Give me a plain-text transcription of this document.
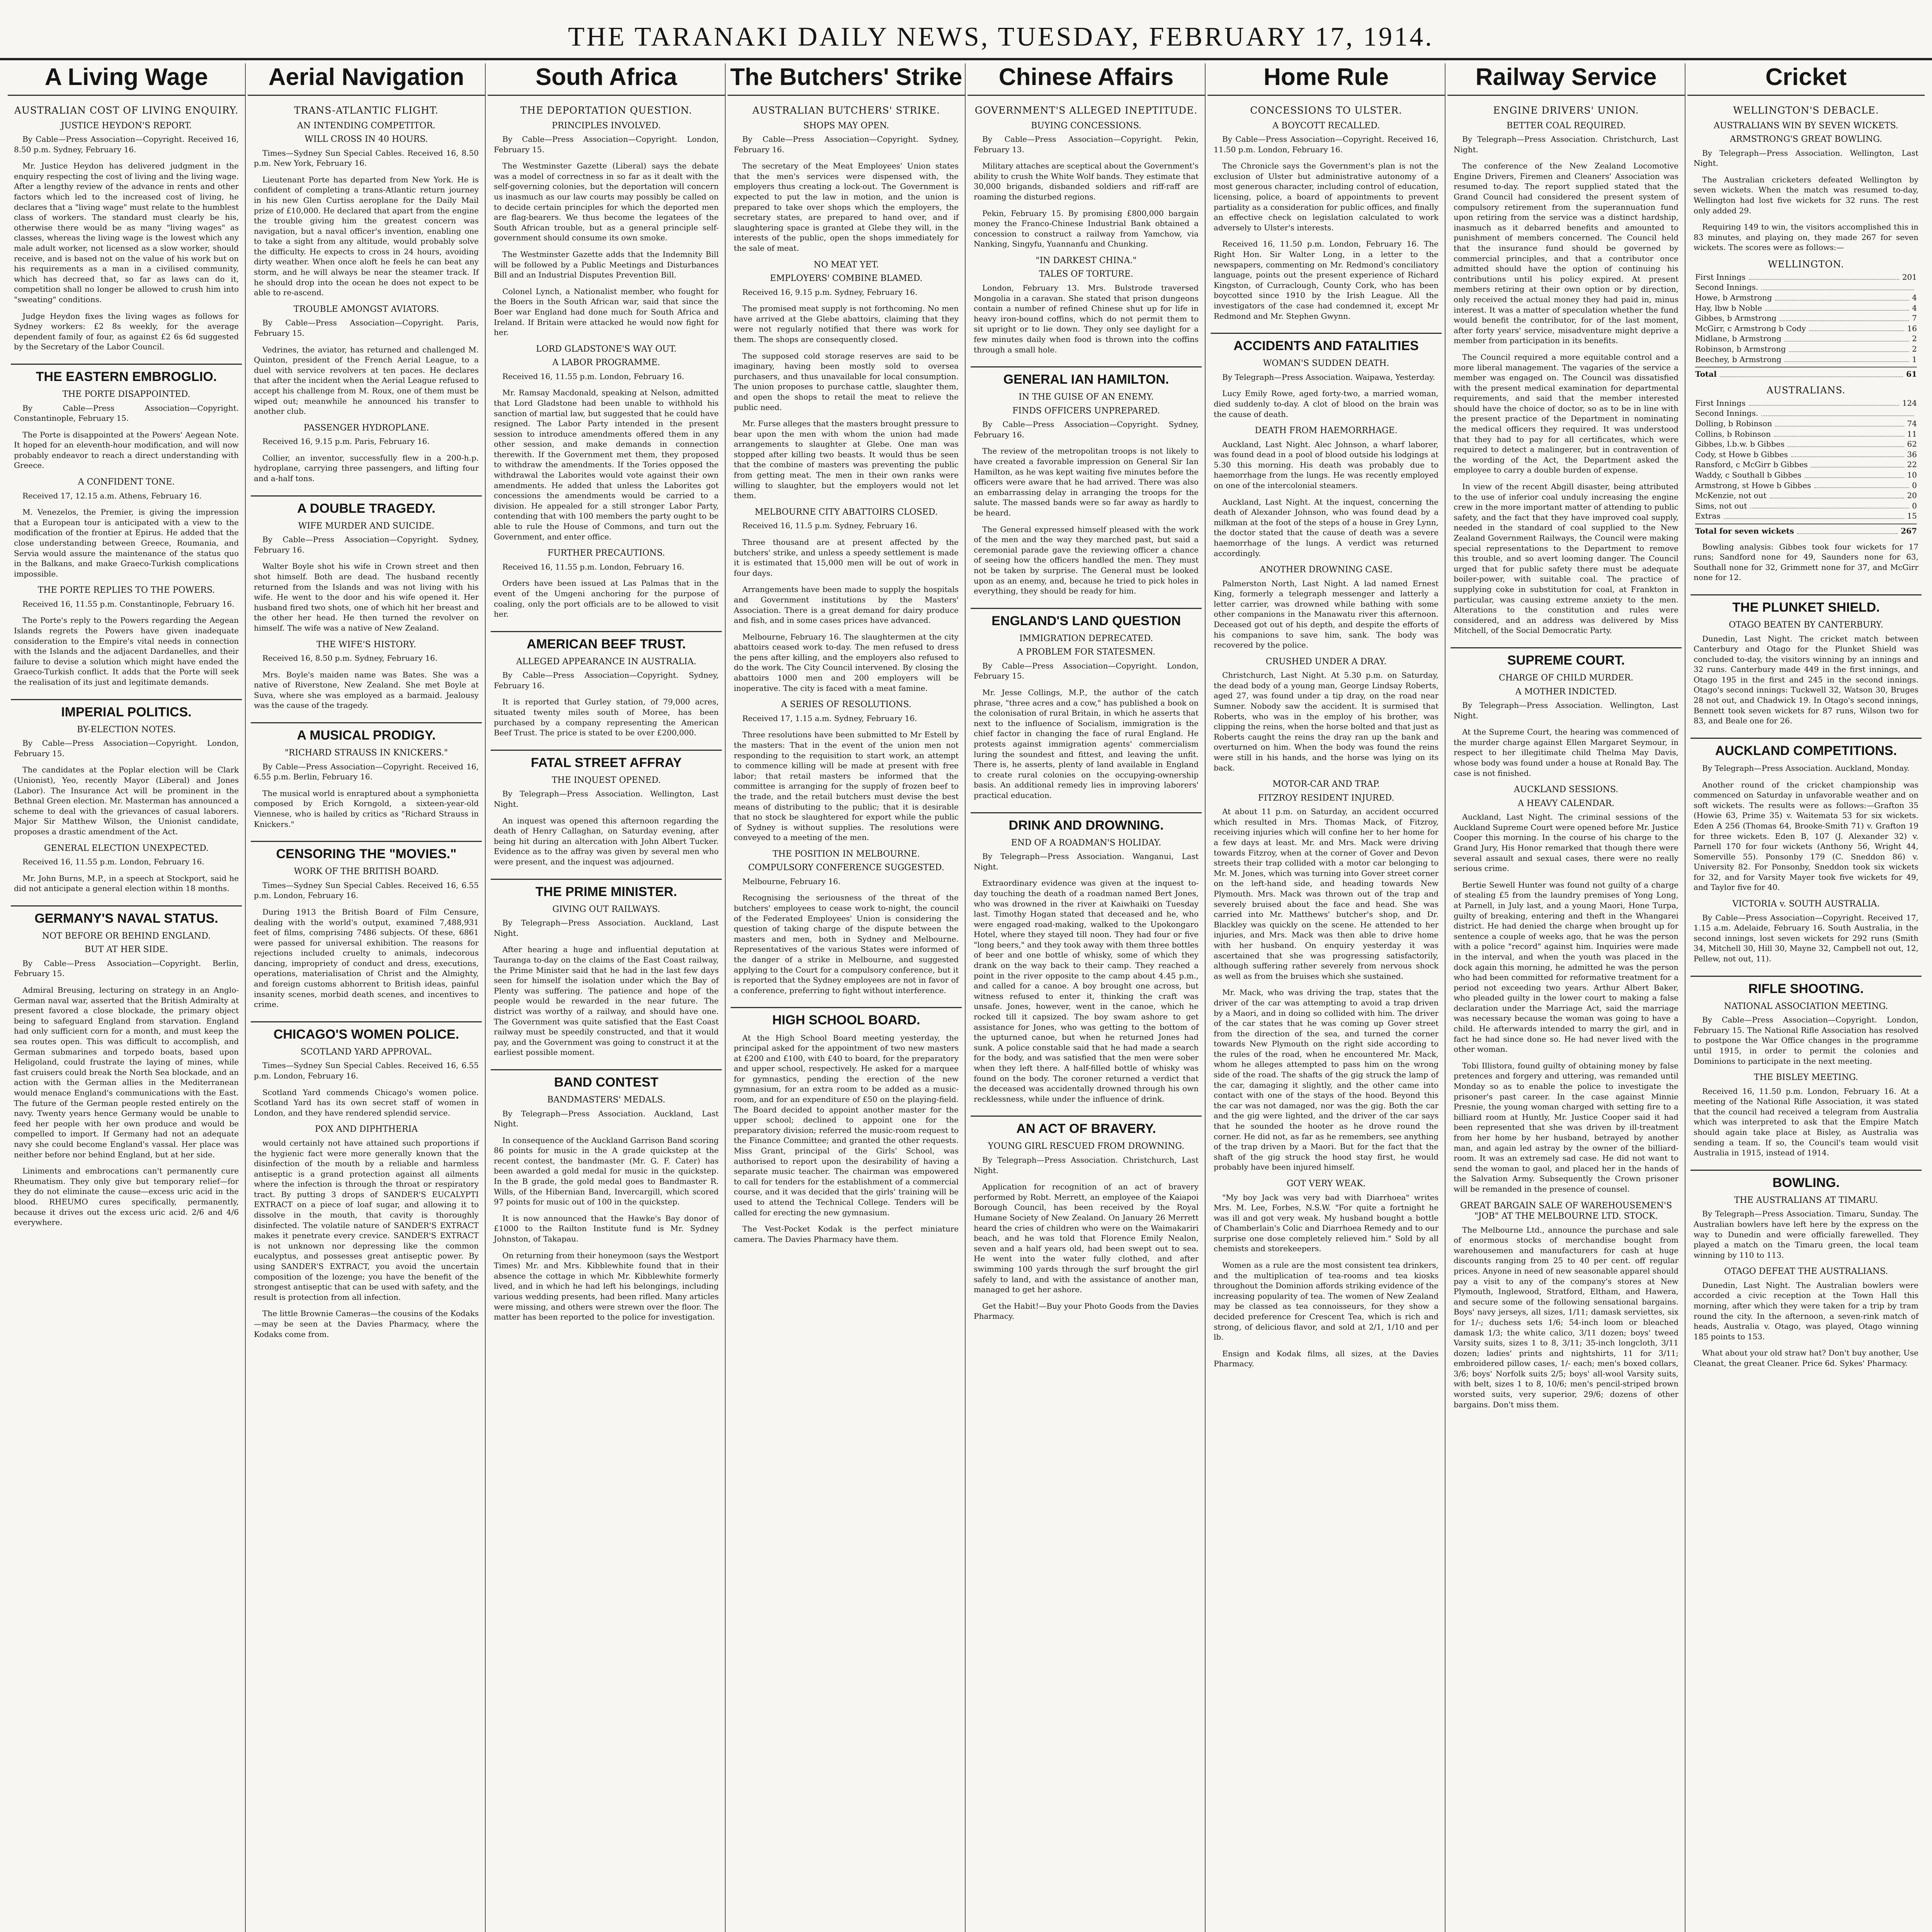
THE TARANAKI DAILY NEWS, TUESDAY, FEBRUARY 17, 1914.
A Living Wage
AUSTRALIAN COST OF LIVING ENQUIRY.
JUSTICE HEYDON'S REPORT.
By Cable—Press Association—Copyright. Received 16, 8.50 p.m. Sydney, February 16.
Mr. Justice Heydon has delivered judgment in the enquiry respecting the cost of living and the living wage. After a lengthy review of the advance in rents and other factors which led to the increased cost of living, he declares that a "living wage" must relate to the humblest class of workers. The standard must clearly be his, otherwise there would be as many "living wages" as classes, whereas the living wage is the lowest which any male adult worker, not licensed as a slow worker, should receive, and is based not on the value of his work but on his requirements as a man in a civilised community, which has decreed that, so far as laws can do it, competition shall no longer be allowed to crush him into "sweating" conditions.
Judge Heydon fixes the living wages as follows for Sydney workers: £2 8s weekly, for the average dependent family of four, as against £2 6s 6d suggested by the Secretary of the Labor Council.
THE EASTERN EMBROGLIO.
THE PORTE DISAPPOINTED.
By Cable—Press Association—Copyright. Constantinople, February 15.
The Porte is disappointed at the Powers' Aegean Note. It hoped for an eleventh-hour modification, and will now probably endeavor to reach a direct understanding with Greece.
A CONFIDENT TONE.
Received 17, 12.15 a.m. Athens, February 16.
M. Venezelos, the Premier, is giving the impression that a European tour is anticipated with a view to the modification of the frontier at Epirus. He added that the close understanding between Greece, Roumania, and Servia would assure the maintenance of the status quo in the Balkans, and make Graeco-Turkish complications impossible.
THE PORTE REPLIES TO THE POWERS.
Received 16, 11.55 p.m. Constantinople, February 16.
The Porte's reply to the Powers regarding the Aegean Islands regrets the Powers have given inadequate consideration to the Empire's vital needs in connection with the Islands and the adjacent Dardanelles, and their failure to devise a solution which might have ended the Graeco-Turkish conflict. It adds that the Porte will seek the realisation of its just and legitimate demands.
IMPERIAL POLITICS.
BY-ELECTION NOTES.
By Cable—Press Association—Copyright. London, February 15.
The candidates at the Poplar election will be Clark (Unionist), Yeo, recently Mayor (Liberal) and Jones (Labor). The Insurance Act will be prominent in the Bethnal Green election. Mr. Masterman has announced a scheme to deal with the grievances of casual laborers. Major Sir Matthew Wilson, the Unionist candidate, proposes a drastic amendment of the Act.
GENERAL ELECTION UNEXPECTED.
Received 16, 11.55 p.m. London, February 16.
Mr. John Burns, M.P., in a speech at Stockport, said he did not anticipate a general election within 18 months.
GERMANY'S NAVAL STATUS.
NOT BEFORE OR BEHIND ENGLAND.
BUT AT HER SIDE.
By Cable—Press Association—Copyright. Berlin, February 15.
Admiral Breusing, lecturing on strategy in an Anglo-German naval war, asserted that the British Admiralty at present favored a close blockade, the primary object being to safeguard England from starvation. England had only sufficient corn for a month, and must keep the sea routes open. This was difficult to accomplish, and German submarines and torpedo boats, based upon Heligoland, could frustrate the laying of mines, while fast cruisers could break the North Sea blockade, and an action with the German allies in the Mediterranean would menace England's communications with the East. The future of the German people rested entirely on the navy. Twenty years hence Germany would be unable to feed her people with her own produce and would be compelled to import. If Germany had not an adequate navy she could become England's vassal. Her place was neither before nor behind England, but at her side.
Liniments and embrocations can't permanently cure Rheumatism. They only give but temporary relief—for they do not eliminate the cause—excess uric acid in the blood. RHEUMO cures specifically, permanently, because it drives out the excess uric acid. 2/6 and 4/6 everywhere.
Aerial Navigation
TRANS-ATLANTIC FLIGHT.
AN INTENDING COMPETITOR.
WILL CROSS IN 40 HOURS.
Times—Sydney Sun Special Cables. Received 16, 8.50 p.m. New York, February 16.
Lieutenant Porte has departed from New York. He is confident of completing a trans-Atlantic return journey in his new Glen Curtiss aeroplane for the Daily Mail prize of £10,000. He declared that apart from the engine the trouble giving him the greatest concern was navigation, but a naval officer's invention, enabling one to take a sight from any altitude, would probably solve the difficulty. He expects to cross in 24 hours, avoiding dirty weather. When once aloft he feels he can beat any storm, and he will always be near the steamer track. If he should drop into the ocean he does not expect to be able to re-ascend.
TROUBLE AMONGST AVIATORS.
By Cable—Press Association—Copyright. Paris, February 15.
Vedrines, the aviator, has returned and challenged M. Quinton, president of the French Aerial League, to a duel with service revolvers at ten paces. He declares that after the incident when the Aerial League refused to accept his challenge from M. Roux, one of them must be wiped out; meanwhile he announced his transfer to another club.
PASSENGER HYDROPLANE.
Received 16, 9.15 p.m. Paris, February 16.
Collier, an inventor, successfully flew in a 200-h.p. hydroplane, carrying three passengers, and lifting four and a-half tons.
A DOUBLE TRAGEDY.
WIFE MURDER AND SUICIDE.
By Cable—Press Association—Copyright. Sydney, February 16.
Walter Boyle shot his wife in Crown street and then shot himself. Both are dead. The husband recently returned from the Islands and was not living with his wife. He went to the door and his wife opened it. Her husband fired two shots, one of which hit her breast and the other her head. He then turned the revolver on himself. The wife was a native of New Zealand.
THE WIFE'S HISTORY.
Received 16, 8.50 p.m. Sydney, February 16.
Mrs. Boyle's maiden name was Bates. She was a native of Riverstone, New Zealand. She met Boyle at Suva, where she was employed as a barmaid. Jealousy was the cause of the tragedy.
A MUSICAL PRODIGY.
"RICHARD STRAUSS IN KNICKERS."
By Cable—Press Association—Copyright. Received 16, 6.55 p.m. Berlin, February 16.
The musical world is enraptured about a symphonietta composed by Erich Korngold, a sixteen-year-old Viennese, who is hailed by critics as "Richard Strauss in Knickers."
CENSORING THE "MOVIES."
WORK OF THE BRITISH BOARD.
Times—Sydney Sun Special Cables. Received 16, 6.55 p.m. London, February 16.
During 1913 the British Board of Film Censure, dealing with the world's output, examined 7,488,931 feet of films, comprising 7486 subjects. Of these, 6861 were passed for universal exhibition. The reasons for rejections included cruelty to animals, indecorous dancing, impropriety of conduct and dress, executions, operations, materialisation of Christ and the Almighty, and foreign customs abhorrent to British ideas, painful insanity scenes, morbid death scenes, and incentives to crime.
CHICAGO'S WOMEN POLICE.
SCOTLAND YARD APPROVAL.
Times—Sydney Sun Special Cables. Received 16, 6.55 p.m. London, February 16.
Scotland Yard commends Chicago's women police. Scotland Yard has its own secret staff of women in London, and they have rendered splendid service.
POX AND DIPHTHERIA
would certainly not have attained such proportions if the hygienic fact were more generally known that the disinfection of the mouth by a reliable and harmless antiseptic is a grand protection against all ailments where the infection is through the throat or respiratory tract. By putting 3 drops of SANDER'S EUCALYPTI EXTRACT on a piece of loaf sugar, and allowing it to dissolve in the mouth, that cavity is thoroughly disinfected. The volatile nature of SANDER'S EXTRACT makes it penetrate every crevice. SANDER'S EXTRACT is not unknown nor depressing like the common eucalyptus, and possesses great antiseptic power. By using SANDER'S EXTRACT, you avoid the uncertain composition of the lozenge; you have the benefit of the strongest antiseptic that can be used with safety, and the result is protection from all infection.
The little Brownie Cameras—the cousins of the Kodaks—may be seen at the Davies Pharmacy, where the Kodaks come from.
South Africa
THE DEPORTATION QUESTION.
PRINCIPLES INVOLVED.
By Cable—Press Association—Copyright. London, February 15.
The Westminster Gazette (Liberal) says the debate was a model of correctness in so far as it dealt with the self-governing colonies, but the deportation will concern us inasmuch as our law courts may possibly be called on to decide certain principles for which the deported men are flag-bearers. We thus become the legatees of the South African trouble, but as a general principle self-government should consume its own smoke.
The Westminster Gazette adds that the Indemnity Bill will be followed by a Public Meetings and Disturbances Bill and an Industrial Disputes Prevention Bill.
Colonel Lynch, a Nationalist member, who fought for the Boers in the South African war, said that since the Boer war England had done much for South Africa and Ireland. If Britain were attacked he would now fight for her.
LORD GLADSTONE'S WAY OUT.
A LABOR PROGRAMME.
Received 16, 11.55 p.m. London, February 16.
Mr. Ramsay Macdonald, speaking at Nelson, admitted that Lord Gladstone had been unable to withhold his sanction of martial law, but suggested that he could have resigned. The Labor Party intended in the present session to introduce amendments offered them in any other session, and make demands in connection therewith. If the Government met them, they proposed to withdraw the amendments. If the Tories opposed the withdrawal the Laborites would vote against their own amendments. He added that unless the Laborites got concessions the amendments would be carried to a division. He appealed for a still stronger Labor Party, contending that with 100 members the party ought to be able to rule the House of Commons, and turn out the Government, and enter office.
FURTHER PRECAUTIONS.
Received 16, 11.55 p.m. London, February 16.
Orders have been issued at Las Palmas that in the event of the Umgeni anchoring for the purpose of coaling, only the port officials are to be allowed to visit her.
AMERICAN BEEF TRUST.
ALLEGED APPEARANCE IN AUSTRALIA.
By Cable—Press Association—Copyright. Sydney, February 16.
It is reported that Gurley station, of 79,000 acres, situated twenty miles south of Moree, has been purchased by a company representing the American Beef Trust. The price is stated to be over £200,000.
FATAL STREET AFFRAY
THE INQUEST OPENED.
By Telegraph—Press Association. Wellington, Last Night.
An inquest was opened this afternoon regarding the death of Henry Callaghan, on Saturday evening, after being hit during an altercation with John Albert Tucker. Evidence as to the affray was given by several men who were present, and the inquest was adjourned.
THE PRIME MINISTER.
GIVING OUT RAILWAYS.
By Telegraph—Press Association. Auckland, Last Night.
After hearing a huge and influential deputation at Tauranga to-day on the claims of the East Coast railway, the Prime Minister said that he had in the last few days seen for himself the isolation under which the Bay of Plenty was suffering. The patience and hope of the people would be rewarded in the near future. The district was worthy of a railway, and should have one. The Government was quite satisfied that the East Coast railway must be speedily constructed, and that it would pay, and the Government was going to construct it at the earliest possible moment.
BAND CONTEST
BANDMASTERS' MEDALS.
By Telegraph—Press Association. Auckland, Last Night.
In consequence of the Auckland Garrison Band scoring 86 points for music in the A grade quickstep at the recent contest, the bandmaster (Mr. G. F. Cater) has been awarded a gold medal for music in the quickstep. In the B grade, the gold medal goes to Bandmaster R. Wills, of the Hibernian Band, Invercargill, which scored 97 points for music out of 100 in the quickstep.
It is now announced that the Hawke's Bay donor of £1000 to the Railton Institute fund is Mr. Sydney Johnston, of Takapau.
On returning from their honeymoon (says the Westport Times) Mr. and Mrs. Kibblewhite found that in their absence the cottage in which Mr. Kibblewhite formerly lived, and in which he had left his belongings, including various wedding presents, had been rifled. Many articles were missing, and others were strewn over the floor. The matter has been reported to the police for investigation.
The Butchers' Strike
AUSTRALIAN BUTCHERS' STRIKE.
SHOPS MAY OPEN.
By Cable—Press Association—Copyright. Sydney, February 16.
The secretary of the Meat Employees' Union states that the men's services were dispensed with, the employers thus creating a lock-out. The Government is expected to put the law in motion, and the union is prepared to take over shops which the employers, the secretary states, are prepared to hand over, and if slaughtering space is granted at Glebe they will, in the interests of the public, open the shops immediately for the sale of meat.
NO MEAT YET.
EMPLOYERS' COMBINE BLAMED.
Received 16, 9.15 p.m. Sydney, February 16.
The promised meat supply is not forthcoming. No men have arrived at the Glebe abattoirs, claiming that they were not regularly notified that there was work for them. The shops are consequently closed.
The supposed cold storage reserves are said to be imaginary, having been mostly sold to oversea purchasers, and thus unavailable for local consumption. The union proposes to purchase cattle, slaughter them, and open the shops to retail the meat to relieve the public need.
Mr. Furse alleges that the masters brought pressure to bear upon the men with whom the union had made arrangements to slaughter at Glebe. One man was stopped after killing two beasts. It would thus be seen that the combine of masters was preventing the public from getting meat. The men in their own ranks were willing to slaughter, but the employers would not let them.
MELBOURNE CITY ABATTOIRS CLOSED.
Received 16, 11.5 p.m. Sydney, February 16.
Three thousand are at present affected by the butchers' strike, and unless a speedy settlement is made it is estimated that 15,000 men will be out of work in four days.
Arrangements have been made to supply the hospitals and Government institutions by the Masters' Association. There is a great demand for dairy produce and fish, and in some cases prices have advanced.
Melbourne, February 16. The slaughtermen at the city abattoirs ceased work to-day. The men refused to dress the pens after killing, and the employers also refused to do the work. The City Council intervened. By closing the abattoirs 1000 men and 200 employers will be inoperative. The city is faced with a meat famine.
A SERIES OF RESOLUTIONS.
Received 17, 1.15 a.m. Sydney, February 16.
Three resolutions have been submitted to Mr Estell by the masters: That in the event of the union men not responding to the requisition to start work, an attempt to commence killing will be made at present with free labor; that retail masters be informed that the committee is arranging for the supply of frozen beef to the trade, and the retail butchers must devise the best means of distributing to the public; that it is desirable that no stock be slaughtered for export while the public of Sydney is without supplies. The resolutions were conveyed to a meeting of the men.
THE POSITION IN MELBOURNE.
COMPULSORY CONFERENCE SUGGESTED.
Melbourne, February 16.
Recognising the seriousness of the threat of the butchers' employees to cease work to-night, the council of the Federated Employees' Union is considering the question of taking charge of the dispute between the masters and men, both in Sydney and Melbourne. Representatives of the various States were informed of the danger of a strike in Melbourne, and suggested applying to the Court for a compulsory conference, but it is reported that the Sydney employees are not in favor of a conference, preferring to fight without interference.
HIGH SCHOOL BOARD.
At the High School Board meeting yesterday, the principal asked for the appointment of two new masters at £200 and £100, with £40 to board, for the preparatory and upper school, respectively. He asked for a marquee for gymnastics, pending the erection of the new gymnasium, for an extra room to be added as a music-room, and for an expenditure of £50 on the playing-field. The Board decided to appoint another master for the upper school; declined to appoint one for the preparatory division; referred the music-room request to the Finance Committee; and granted the other requests. Miss Grant, principal of the Girls' School, was authorised to report upon the desirability of having a separate music teacher. The chairman was empowered to call for tenders for the establishment of a commercial course, and it was decided that the girls' training will be used to attend the Technical College. Tenders will be called for erecting the new gymnasium.
The Vest-Pocket Kodak is the perfect miniature camera. The Davies Pharmacy have them.
Chinese Affairs
GOVERNMENT'S ALLEGED INEPTITUDE.
BUYING CONCESSIONS.
By Cable—Press Association—Copyright. Pekin, February 13.
Military attaches are sceptical about the Government's ability to crush the White Wolf bands. They estimate that 30,000 brigands, disbanded soldiers and riff-raff are roaming the disturbed regions.
Pekin, February 15. By promising £800,000 bargain money the Franco-Chinese Industrial Bank obtained a concession to construct a railway from Yamchow, via Nanking, Singyfu, Yuannanfu and Chunking.
"IN DARKEST CHINA."
TALES OF TORTURE.
London, February 13. Mrs. Bulstrode traversed Mongolia in a caravan. She stated that prison dungeons contain a number of refined Chinese shut up for life in heavy iron-bound coffins, which do not permit them to sit upright or to lie down. They only see daylight for a few minutes daily when food is thrown into the coffins through a small hole.
GENERAL IAN HAMILTON.
IN THE GUISE OF AN ENEMY.
FINDS OFFICERS UNPREPARED.
By Cable—Press Association—Copyright. Sydney, February 16.
The review of the metropolitan troops is not likely to have created a favorable impression on General Sir Ian Hamilton, as he was kept waiting five minutes before the officers were aware that he had arrived. There was also an embarrassing delay in arranging the troops for the salute. The massed bands were so far away as hardly to be heard.
The General expressed himself pleased with the work of the men and the way they marched past, but said a ceremonial parade gave the reviewing officer a chance of seeing how the officers handled the men. They must not be taken by surprise. The General must be looked upon as an enemy, and, because he tried to pick holes in everything, they should be ready for him.
ENGLAND'S LAND QUESTION
IMMIGRATION DEPRECATED.
A PROBLEM FOR STATESMEN.
By Cable—Press Association—Copyright. London, February 15.
Mr. Jesse Collings, M.P., the author of the catch phrase, "three acres and a cow," has published a book on the colonisation of rural Britain, in which he asserts that next to the influence of Socialism, immigration is the chief factor in changing the face of rural England. He protests against immigration agents' commercialism luring the soundest and fittest, and leaving the unfit. There is, he asserts, plenty of land available in England to create rural colonies on the occupying-ownership basis. An additional remedy lies in improving laborers' practical education.
DRINK AND DROWNING.
END OF A ROADMAN'S HOLIDAY.
By Telegraph—Press Association. Wanganui, Last Night.
Extraordinary evidence was given at the inquest to-day touching the death of a roadman named Bert Jones, who was drowned in the river at Kaiwhaiki on Tuesday last. Timothy Hogan stated that deceased and he, who were engaged road-making, walked to the Upokongaro Hotel, where they stayed till noon. They had four or five "long beers," and they took away with them three bottles of beer and one bottle of whisky, some of which they drank on the way back to their camp. They reached a point in the river opposite to the camp about 4.45 p.m., and called for a canoe. A boy brought one across, but witness refused to enter it, thinking the craft was unsafe. Jones, however, went in the canoe, which he rocked till it capsized. The boy swam ashore to get assistance for Jones, who was getting to the bottom of the upturned canoe, but when he returned Jones had sunk. A police constable said that he had made a search for the body, and was satisfied that the men were sober when they left there. A half-filled bottle of whisky was found on the body. The coroner returned a verdict that the deceased was accidentally drowned through his own recklessness, while under the influence of drink.
AN ACT OF BRAVERY.
YOUNG GIRL RESCUED FROM DROWNING.
By Telegraph—Press Association. Christchurch, Last Night.
Application for recognition of an act of bravery performed by Robt. Merrett, an employee of the Kaiapoi Borough Council, has been received by the Royal Humane Society of New Zealand. On January 26 Merrett heard the cries of children who were on the Waimakariri beach, and he was told that Florence Emily Nealon, seven and a half years old, had been swept out to sea. He went into the water fully clothed, and after swimming 100 yards through the surf brought the girl safely to land, and with the assistance of another man, managed to get her ashore.
Get the Habit!—Buy your Photo Goods from the Davies Pharmacy.
Home Rule
CONCESSIONS TO ULSTER.
A BOYCOTT RECALLED.
By Cable—Press Association—Copyright. Received 16, 11.50 p.m. London, February 16.
The Chronicle says the Government's plan is not the exclusion of Ulster but administrative autonomy of a most generous character, including control of education, licensing, police, a board of appointments to prevent partiality as a consideration for public offices, and finally an effective check on legislation calculated to work adversely to Ulster's interests.
Received 16, 11.50 p.m. London, February 16. The Right Hon. Sir Walter Long, in a letter to the newspapers, commenting on Mr. Redmond's conciliatory language, points out the present experience of Richard Kingston, of Curraclough, County Cork, who has been boycotted since 1910 by the Irish League. All the investigators of the case had condemned it, except Mr Redmond and Mr. Stephen Gwynn.
ACCIDENTS AND FATALITIES
WOMAN'S SUDDEN DEATH.
By Telegraph—Press Association. Waipawa, Yesterday.
Lucy Emily Rowe, aged forty-two, a married woman, died suddenly to-day. A clot of blood on the brain was the cause of death.
DEATH FROM HAEMORRHAGE.
Auckland, Last Night. Alec Johnson, a wharf laborer, was found dead in a pool of blood outside his lodgings at 5.30 this morning. His death was probably due to haemorrhage from the lungs. He was recently employed on one of the intercolonial steamers.
Auckland, Last Night. At the inquest, concerning the death of Alexander Johnson, who was found dead by a milkman at the foot of the steps of a house in Grey Lynn, the doctor stated that the cause of death was a severe haemorrhage of the lungs. A verdict was returned accordingly.
ANOTHER DROWNING CASE.
Palmerston North, Last Night. A lad named Ernest King, formerly a telegraph messenger and latterly a letter carrier, was drowned while bathing with some other companions in the Manawatu river this afternoon. Deceased got out of his depth, and despite the efforts of his companions to save him, sank. The body was recovered by the police.
CRUSHED UNDER A DRAY.
Christchurch, Last Night. At 5.30 p.m. on Saturday, the dead body of a young man, George Lindsay Roberts, aged 27, was found under a tip dray, on the road near Sumner. Nobody saw the accident. It is surmised that Roberts, who was in the employ of his brother, was clipping the reins, when the horse bolted and that just as Roberts caught the reins the dray ran up the bank and overturned on him. When the body was found the reins were still in his hands, and the horse was lying on its back.
MOTOR-CAR AND TRAP.
FITZROY RESIDENT INJURED.
At about 11 p.m. on Saturday, an accident occurred which resulted in Mrs. Thomas Mack, of Fitzroy, receiving injuries which will confine her to her home for a few days at least. Mr. and Mrs. Mack were driving towards Fitzroy, when at the corner of Gover and Devon streets their trap collided with a motor car belonging to Mr. M. Jones, which was turning into Gover street corner on the left-hand side, and heading towards New Plymouth. Mrs. Mack was thrown out of the trap and severely bruised about the face and head. She was carried into Mr. Matthews' butcher's shop, and Dr. Blackley was quickly on the scene. He attended to her injuries, and Mrs. Mack was then able to drive home with her husband. On enquiry yesterday it was ascertained that she was progressing satisfactorily, although suffering rather severely from nervous shock as well as from the bruises which she sustained.
Mr. Mack, who was driving the trap, states that the driver of the car was attempting to avoid a trap driven by a Maori, and in doing so collided with him. The driver of the car states that he was coming up Gover street from the direction of the sea, and turned the corner towards New Plymouth on the right side according to the rules of the road, when he encountered Mr. Mack, whom he alleges attempted to pass him on the wrong side of the road. The shafts of the gig struck the lamp of the car, damaging it slightly, and the other came into contact with one of the stays of the hood. Beyond this the car was not damaged, nor was the gig. Both the car and the gig were lighted, and the driver of the car says that he sounded the hooter as he drove round the corner. He did not, as far as he remembers, see anything of the trap driven by a Maori. But for the fact that the shaft of the gig struck the hood stay first, he would probably have been injured himself.
GOT VERY WEAK.
"My boy Jack was very bad with Diarrhoea" writes Mrs. M. Lee, Forbes, N.S.W. "For quite a fortnight he was ill and got very weak. My husband bought a bottle of Chamberlain's Colic and Diarrhoea Remedy and to our surprise one dose completely relieved him." Sold by all chemists and storekeepers.
Women as a rule are the most consistent tea drinkers, and the multiplication of tea-rooms and tea kiosks throughout the Dominion affords striking evidence of the increasing popularity of tea. The women of New Zealand may be classed as tea connoisseurs, for they show a decided preference for Crescent Tea, which is rich and strong, of delicious flavor, and sold at 2/1, 1/10 and per lb.
Ensign and Kodak films, all sizes, at the Davies Pharmacy.
Railway Service
ENGINE DRIVERS' UNION.
BETTER COAL REQUIRED.
By Telegraph—Press Association. Christchurch, Last Night.
The conference of the New Zealand Locomotive Engine Drivers, Firemen and Cleaners' Association was resumed to-day. The report supplied stated that the Grand Council had considered the present system of compulsory retirement from the superannuation fund upon retiring from the service was a distinct hardship, inasmuch as it debarred benefits and amounted to punishment of members concerned. The Council held that the insurance fund should be governed by commercial principles, and that a contributor once admitted should have the option of continuing his contributions until his policy expired. At present members retiring at their own option or by direction, only received the actual money they had paid in, minus interest. It was a matter of speculation whether the fund would benefit the contributor, for of the last moment, after forty years' service, misadventure might deprive a member from participation in its benefits.
The Council required a more equitable control and a more liberal management. The vagaries of the service a member was engaged on. The Council was dissatisfied with the present medical examination for departmental requirements, and said that the member interested should have the choice of doctor, so as to be in line with the present practice of the Department in nominating the medical officers they required. It was understood that they had to pay for all certificates, which were required to detect a malingerer, but in contravention of the wording of the Act, the Department asked the employee to carry a double burden of expense.
In view of the recent Abgill disaster, being attributed to the use of inferior coal unduly increasing the engine crew in the more important matter of attending to public safety, and the fact that they have improved coal supply, needed in the standard of coal supplied to the New Zealand Government Railways, the Council were making special representations to the Department to remove this trouble, and so avert looming danger. The Council urged that for public safety there must be adequate boiler-power, with suitable coal. The practice of supplying coke in substitution for coal, at Frankton in particular, was causing extreme anxiety to the men. Alterations to the constitution and rules were considered, and an address was delivered by Miss Mitchell, of the Social Democratic Party.
SUPREME COURT.
CHARGE OF CHILD MURDER.
A MOTHER INDICTED.
By Telegraph—Press Association. Wellington, Last Night.
At the Supreme Court, the hearing was commenced of the murder charge against Ellen Margaret Seymour, in respect to her illegitimate child Thelma May Davis, whose body was found under a house at Ronald Bay. The case is not finished.
AUCKLAND SESSIONS.
A HEAVY CALENDAR.
Auckland, Last Night. The criminal sessions of the Auckland Supreme Court were opened before Mr. Justice Cooper this morning. In the course of his charge to the Grand Jury, His Honor remarked that though there were several assault and sexual cases, there were no really serious crime.
Bertie Sewell Hunter was found not guilty of a charge of stealing £5 from the laundry premises of Yong Long, at Parnell, in July last, and a young Maori, Hone Turpa, guilty of breaking, entering and theft in the Whangarei district. He had denied the charge when brought up for sentence a couple of weeks ago, that he was the person with a police "record" against him. Inquiries were made in the interval, and when the youth was placed in the dock again this morning, he admitted he was the person who had been committed for reformative treatment for a period not exceeding two years. Arthur Albert Baker, who pleaded guilty in the lower court to making a false declaration under the Marriage Act, said the marriage was necessary because the woman was going to have a child. He afterwards intended to marry the girl, and in fact he had since done so. He had never lived with the other woman.
Tobi Illistora, found guilty of obtaining money by false pretences and forgery and uttering, was remanded until Monday so as to enable the police to investigate the prisoner's past career. In the case against Minnie Presnie, the young woman charged with setting fire to a billiard room at Huntly, Mr. Justice Cooper said it had been represented that she was driven by ill-treatment from her home by her husband, betrayed by another man, and again led astray by the owner of the billiard-room. It was an extremely sad case. He did not want to send the woman to gaol, and placed her in the hands of the Salvation Army. Subsequently the Crown prisoner will be remanded in the presence of counsel.
GREAT BARGAIN SALE OF WAREHOUSEMEN'S "JOB" AT THE MELBOURNE LTD. STOCK.
The Melbourne Ltd., announce the purchase and sale of enormous stocks of merchandise bought from warehousemen and manufacturers for cash at huge discounts ranging from 25 to 40 per cent. off regular prices. Anyone in need of new seasonable apparel should pay a visit to any of the company's stores at New Plymouth, Inglewood, Stratford, Eltham, and Hawera, and secure some of the following sensational bargains. Boys' navy jerseys, all sizes, 1/11; damask serviettes, six for 1/-; duchess sets 1/6; 54-inch loom or bleached damask 1/3; the white calico, 3/11 dozen; boys' tweed Varsity suits, sizes 1 to 8, 3/11; 35-inch longcloth, 3/11 dozen; ladies' prints and nightshirts, 11 for 3/11; embroidered pillow cases, 1/- each; men's boxed collars, 3/6; boys' Norfolk suits 2/5; boys' all-wool Varsity suits, with belt, sizes 1 to 8, 10/6; men's pencil-striped brown worsted suits, very superior, 29/6; dozens of other bargains. Don't miss them.
Cricket
WELLINGTON'S DEBACLE.
AUSTRALIANS WIN BY SEVEN WICKETS.
ARMSTRONG'S GREAT BOWLING.
By Telegraph—Press Association. Wellington, Last Night.
The Australian cricketers defeated Wellington by seven wickets. When the match was resumed to-day, Wellington had lost five wickets for 32 runs. The rest only added 29.
Requiring 149 to win, the visitors accomplished this in 83 minutes, and playing on, they made 267 for seven wickets. The scores were as follows:—
WELLINGTON.
First Innings	201
Second Innings.
Howe, b Armstrong	4
Hay, lbw b Noble	4
Gibbes, b Armstrong	7
McGirr, c Armstrong b Cody	16
Midlane, b Armstrong	2
Robinson, b Armstrong	2
Beechey, b Armstrong	1
Total	61
AUSTRALIANS.
First Innings	124
Second Innings.
Dolling, b Robinson	74
Collins, b Robinson	11
Gibbes, l.b.w. b Gibbes	62
Cody, st Howe b Gibbes	36
Ransford, c McGirr b Gibbes	22
Waddy, c Southall b Gibbes	10
Armstrong, st Howe b Gibbes	0
McKenzie, not out	20
Sims, not out	0
Extras	15
Total for seven wickets	267
Bowling analysis: Gibbes took four wickets for 17 runs; Sandford none for 49, Saunders none for 63, Southall none for 32, Grimmett none for 37, and McGirr none for 12.
THE PLUNKET SHIELD.
OTAGO BEATEN BY CANTERBURY.
Dunedin, Last Night. The cricket match between Canterbury and Otago for the Plunket Shield was concluded to-day, the visitors winning by an innings and 32 runs. Canterbury made 449 in the first innings, and Otago 195 in the first and 245 in the second innings. Otago's second innings: Tuckwell 32, Watson 30, Bruges 28 not out, and Chadwick 19. In Otago's second innings, Bennett took seven wickets for 87 runs, Wilson two for 83, and Beale one for 26.
AUCKLAND COMPETITIONS.
By Telegraph—Press Association. Auckland, Monday.
Another round of the cricket championship was commenced on Saturday in unfavorable weather and on soft wickets. The results were as follows:—Grafton 35 (Howie 63, Prime 35) v. Waitemata 53 for six wickets. Eden A 256 (Thomas 64, Brooke-Smith 71) v. Grafton 19 for three wickets. Eden B, 107 (J. Alexander 32) v. Parnell 170 for four wickets (Anthony 56, Wright 44, Somerville 55). Ponsonby 179 (C. Sneddon 86) v. University 82. For Ponsonby, Sneddon took six wickets for 32, and for Varsity Mayer took five wickets for 49, and Taylor five for 40.
VICTORIA v. SOUTH AUSTRALIA.
By Cable—Press Association—Copyright. Received 17, 1.15 a.m. Adelaide, February 16. South Australia, in the second innings, lost seven wickets for 292 runs (Smith 34, Mitchell 30, Hill 30, Mayne 32, Campbell not out, 12, Pellew, not out, 11).
RIFLE SHOOTING.
NATIONAL ASSOCIATION MEETING.
By Cable—Press Association—Copyright. London, February 15. The National Rifle Association has resolved to postpone the War Office changes in the programme until 1915, in order to permit the colonies and Dominions to participate in the next meeting.
THE BISLEY MEETING.
Received 16, 11.50 p.m. London, February 16. At a meeting of the National Rifle Association, it was stated that the council had received a telegram from Australia which was interpreted to ask that the Empire Match should again take place at Bisley, as Australia was sending a team. If so, the Council's team would visit Australia in 1915, instead of 1914.
BOWLING.
THE AUSTRALIANS AT TIMARU.
By Telegraph—Press Association. Timaru, Sunday. The Australian bowlers have left here by the express on the way to Dunedin and were officially farewelled. They played a match on the Timaru green, the local team winning by 110 to 113.
OTAGO DEFEAT THE AUSTRALIANS.
Dunedin, Last Night. The Australian bowlers were accorded a civic reception at the Town Hall this morning, after which they were taken for a trip by tram round the city. In the afternoon, a seven-rink match of heads, Australia v. Otago, was played, Otago winning 185 points to 153.
What about your old straw hat? Don't buy another, Use Cleanat, the great Cleaner. Price 6d. Sykes' Pharmacy.
